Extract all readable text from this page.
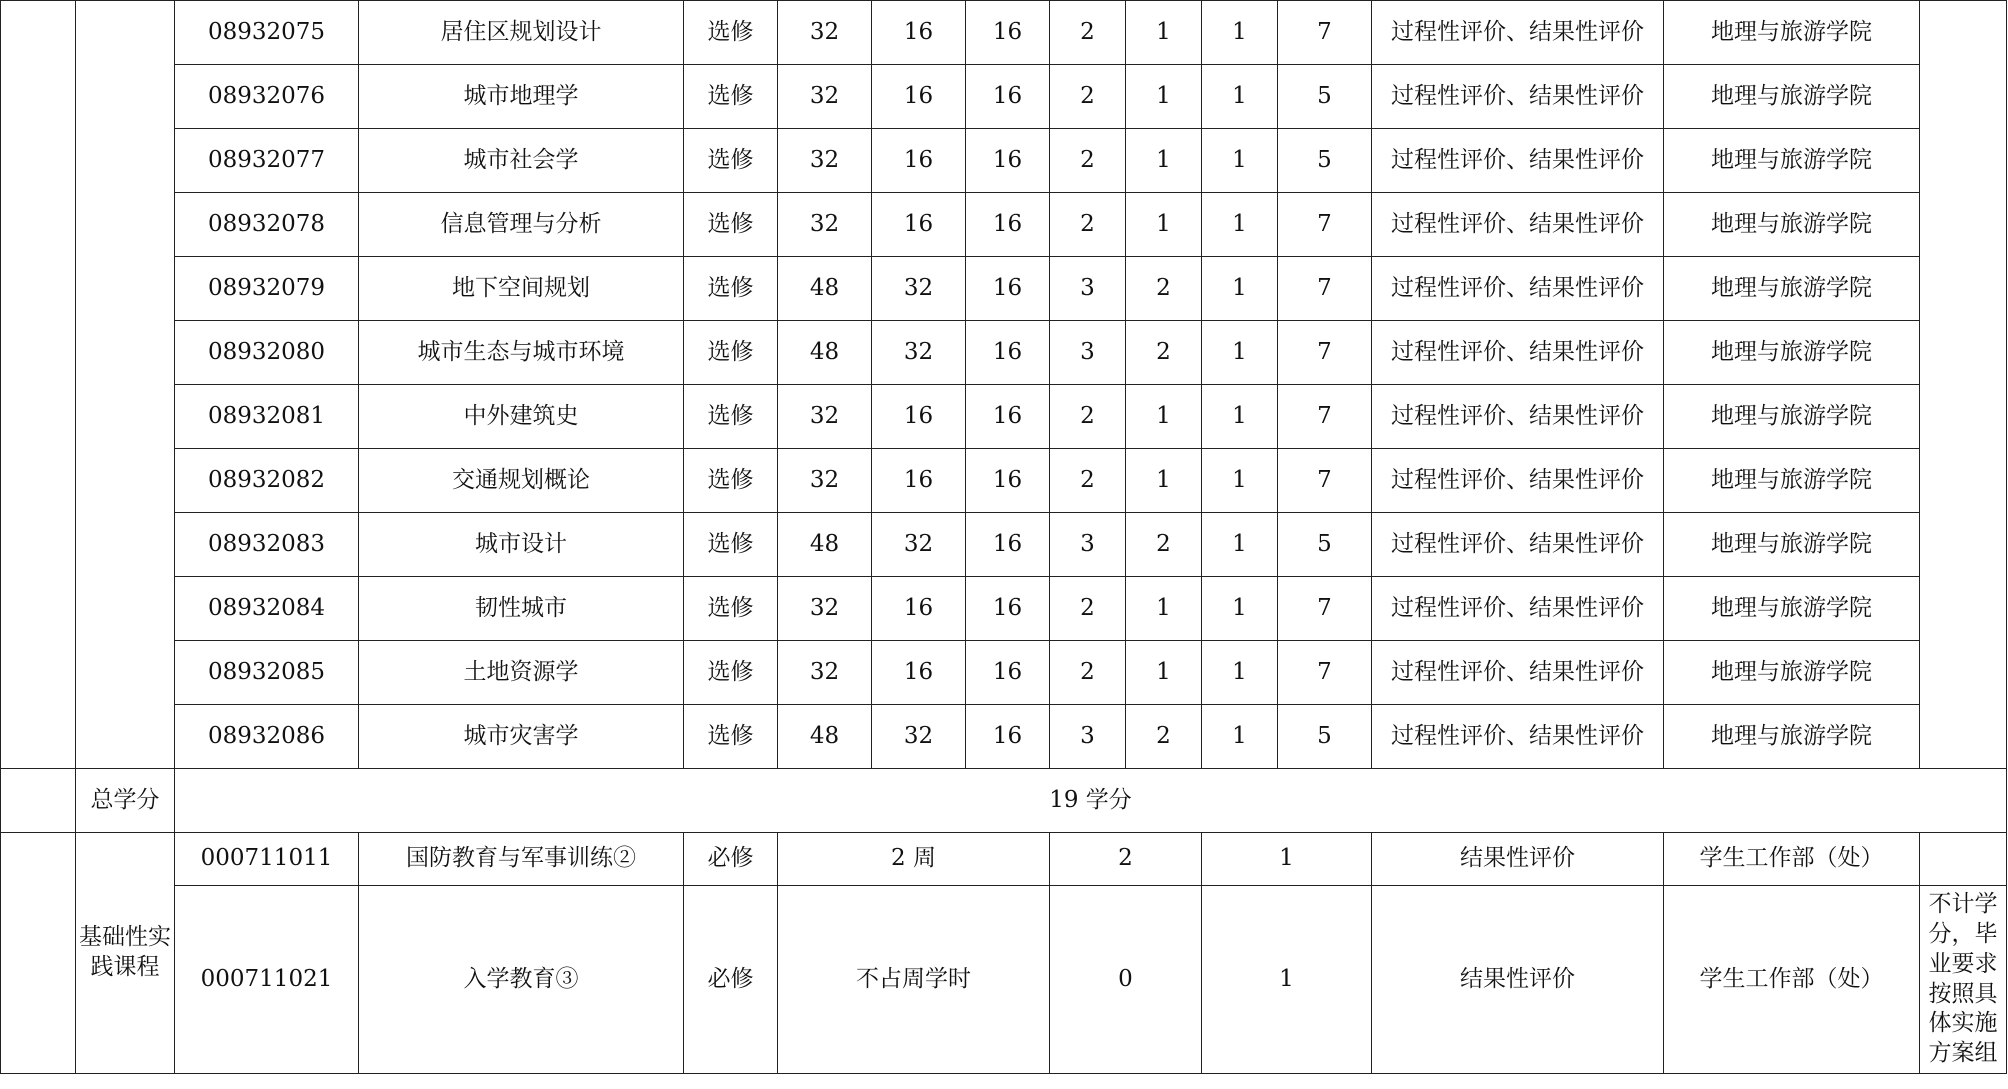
		08932075	居住区规划设计	选修	32	16	16	2	1	1	7	过程性评价、结果性评价	地理与旅游学院	
		08932076	城市地理学	选修	32	16	16	2	1	1	5	过程性评价、结果性评价	地理与旅游学院	
		08932077	城市社会学	选修	32	16	16	2	1	1	5	过程性评价、结果性评价	地理与旅游学院	
		08932078	信息管理与分析	选修	32	16	16	2	1	1	7	过程性评价、结果性评价	地理与旅游学院	
		08932079	地下空间规划	选修	48	32	16	3	2	1	7	过程性评价、结果性评价	地理与旅游学院	
		08932080	城市生态与城市环境	选修	48	32	16	3	2	1	7	过程性评价、结果性评价	地理与旅游学院	
		08932081	中外建筑史	选修	32	16	16	2	1	1	7	过程性评价、结果性评价	地理与旅游学院	
		08932082	交通规划概论	选修	32	16	16	2	1	1	7	过程性评价、结果性评价	地理与旅游学院	
		08932083	城市设计	选修	48	32	16	3	2	1	5	过程性评价、结果性评价	地理与旅游学院	
		08932084	韧性城市	选修	32	16	16	2	1	1	7	过程性评价、结果性评价	地理与旅游学院	
		08932085	土地资源学	选修	32	16	16	2	1	1	7	过程性评价、结果性评价	地理与旅游学院	
		08932086	城市灾害学	选修	48	32	16	3	2	1	5	过程性评价、结果性评价	地理与旅游学院	
	总学分	19 学分												
	基础性实践课程	000711011	国防教育与军事训练②	必修	2 周			2		1		结果性评价	学生工作部（处）	
		000711021	入学教育③	必修	不占周学时			0		1		结果性评价	学生工作部（处）	不计学分，毕业要求按照具体实施方案组
